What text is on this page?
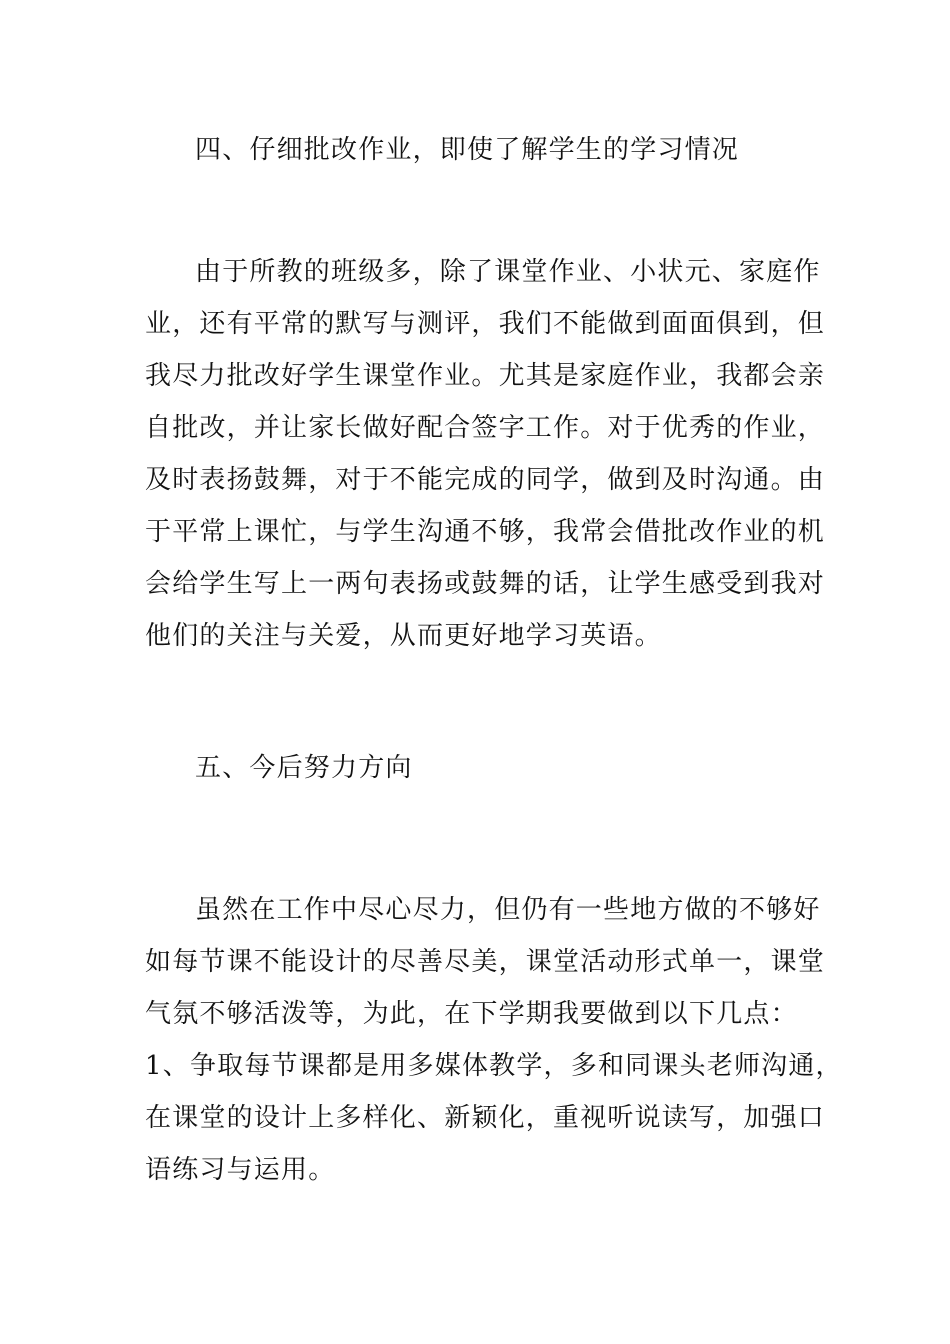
四、仔细批改作业，即使了解学生的学习情况
由于所教的班级多，除了课堂作业、小状元、家庭作
业，还有平常的默写与测评，我们不能做到面面俱到，但
我尽力批改好学生课堂作业。尤其是家庭作业，我都会亲
自批改，并让家长做好配合签字工作。对于优秀的作业，
及时表扬鼓舞，对于不能完成的同学，做到及时沟通。由
于平常上课忙，与学生沟通不够，我常会借批改作业的机
会给学生写上一两句表扬或鼓舞的话，让学生感受到我对
他们的关注与关爱，从而更好地学习英语。
五、今后努力方向
虽然在工作中尽心尽力，但仍有一些地方做的不够好
如每节课不能设计的尽善尽美，课堂活动形式单一，课堂
气氛不够活泼等，为此，在下学期我要做到以下几点：
1、争取每节课都是用多媒体教学，多和同课头老师沟通，
在课堂的设计上多样化、新颖化，重视听说读写，加强口
语练习与运用。
